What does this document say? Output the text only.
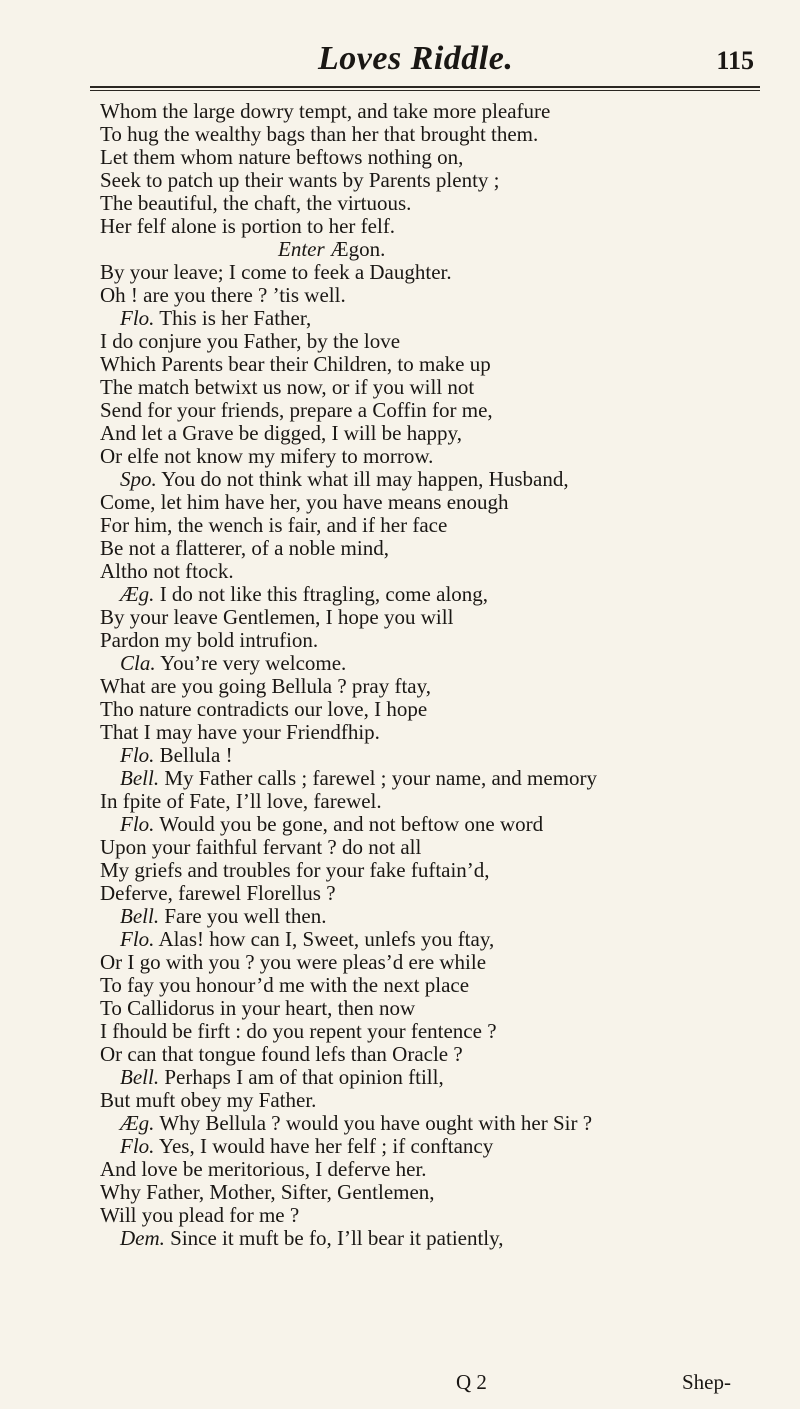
Loves Riddle.	115
Whom the large dowry tempt, and take more pleafure
To hug the wealthy bags than her that brought them.
Let them whom nature beftows nothing on,
Seek to patch up their wants by Parents plenty ;
The beautiful, the chaft, the virtuous.
Her felf alone is portion to her felf.
Enter Ægon.
By your leave; I come to feek a Daughter.
Oh ! are you there ? ’tis well.
Flo. This is her Father,
I do conjure you Father, by the love
Which Parents bear their Children, to make up
The match betwixt us now, or if you will not
Send for your friends, prepare a Coffin for me,
And let a Grave be digged, I will be happy,
Or elfe not know my mifery to morrow.
Spo. You do not think what ill may happen, Husband,
Come, let him have her, you have means enough
For him, the wench is fair, and if her face
Be not a flatterer, of a noble mind,
Altho not ftock.
Æg. I do not like this ftragling, come along,
By your leave Gentlemen, I hope you will
Pardon my bold intrufion.
Cla. You’re very welcome.
What are you going Bellula ? pray ftay,
Tho nature contradicts our love, I hope
That I may have your Friendfhip.
Flo. Bellula !
Bell. My Father calls ; farewel ; your name, and memory
In fpite of Fate, I’ll love, farewel.
Flo. Would you be gone, and not beftow one word
Upon your faithful fervant ? do not all
My griefs and troubles for your fake fuftain’d,
Deferve, farewel Florellus ?
Bell. Fare you well then.
Flo. Alas! how can I, Sweet, unlefs you ftay,
Or I go with you ? you were pleas’d ere while
To fay you honour’d me with the next place
To Callidorus in your heart, then now
I fhould be firft : do you repent your fentence ?
Or can that tongue found lefs than Oracle ?
Bell. Perhaps I am of that opinion ftill,
But muft obey my Father.
Æg. Why Bellula ? would you have ought with her Sir ?
Flo. Yes, I would have her felf ; if conftancy
And love be meritorious, I deferve her.
Why Father, Mother, Sifter, Gentlemen,
Will you plead for me ?
Dem. Since it muft be fo, I’ll bear it patiently,
Q 2	Shep-
